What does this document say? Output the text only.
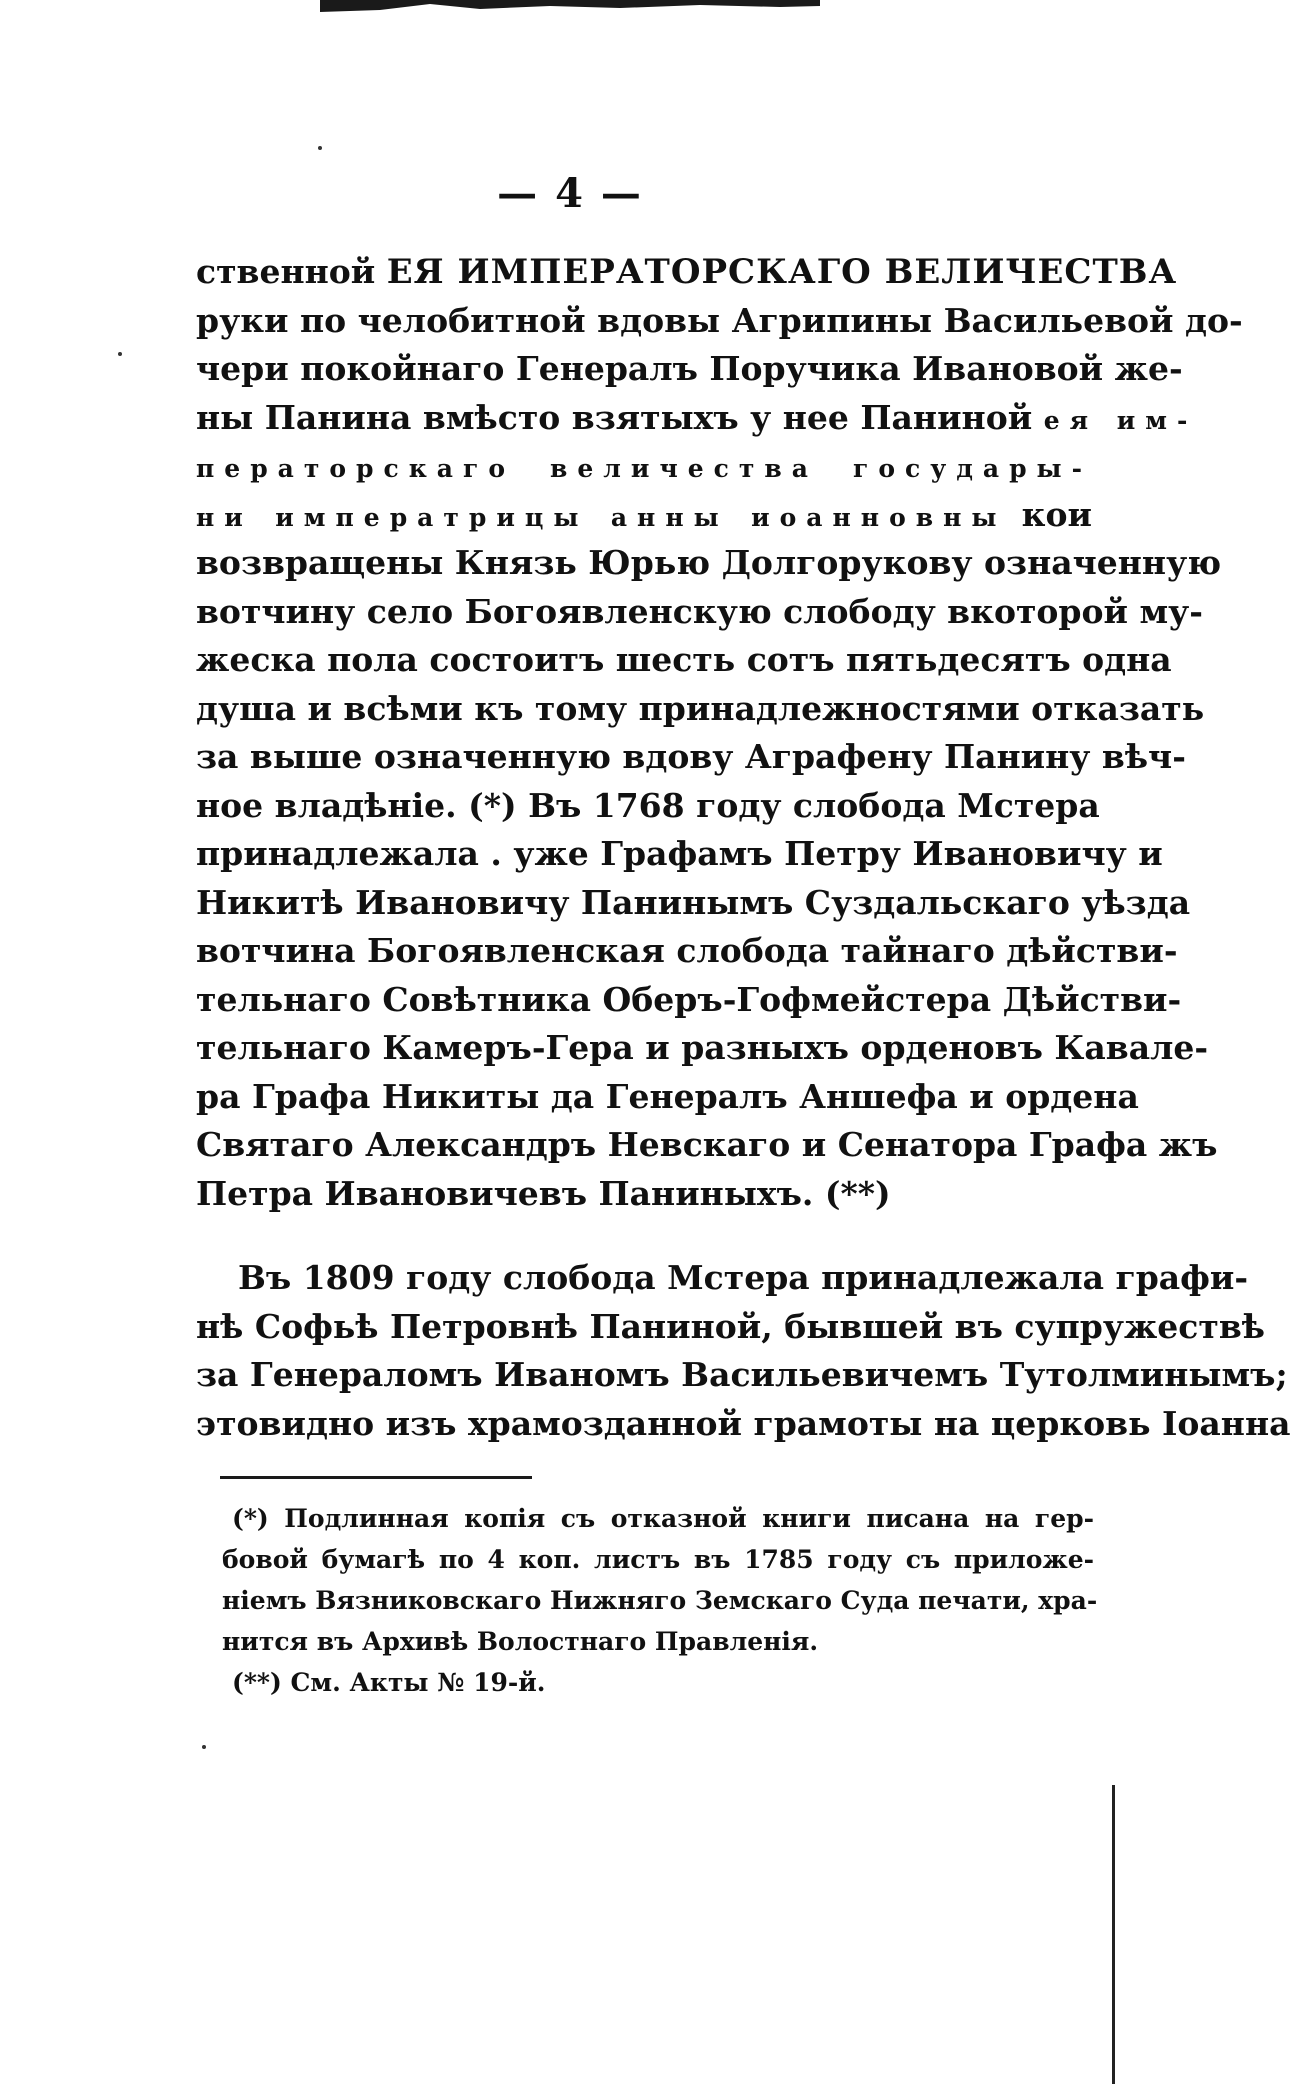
— 4 —
ственной ЕЯ ИМПЕРАТОРСКАГО ВЕЛИЧЕСТВА
руки по челобитной вдовы Агрипины Васильевой до-
чери покойнаго Генералъ Поручика Ивановой же-
ны Панина вмѣсто взятыхъ у нее Паниной ея им-
ператорскаго величества государы-
ни императрицы анны иоанновны кои
возвращены Князь Юрью Долгорукову означенную
вотчину село Богоявленскую слободу вкоторой му-
жеска пола состоитъ шесть сотъ пятьдесятъ одна
душа и всѣми къ тому принадлежностями отказать
за выше означенную вдову Аграфену Панину вѣч-
ное владѣніе. (*) Въ 1768 году слобода Мстера
принадлежала . уже Графамъ Петру Ивановичу и
Никитѣ Ивановичу Панинымъ Суздальскаго уѣзда
вотчина Богоявленская слобода тайнаго дѣйстви-
тельнаго Совѣтника Оберъ-Гофмейстера Дѣйстви-
тельнаго Камеръ-Гера и разныхъ орденовъ Кавале-
ра Графа Никиты да Генералъ Аншефа и ордена
Святаго Александръ Невскаго и Сенатора Графа жъ
Петра Ивановичевъ Паниныхъ. (**)
Въ 1809 году слобода Мстера принадлежала графи-
нѣ Софьѣ Петровнѣ Паниной, бывшей въ супружествѣ
за Генераломъ Иваномъ Васильевичемъ Тутолминымъ;
этовидно изъ храмозданной грамоты на церковь Іоанна
(*) Подлинная копія съ отказной книги писана на гер-
бовой бумагѣ по 4 коп. листъ въ 1785 году съ приложе-
ніемъ Вязниковскаго Нижняго Земскаго Суда печати, хра-
нится въ Архивѣ Волостнаго Правленія.
(**) См. Акты № 19-й.
